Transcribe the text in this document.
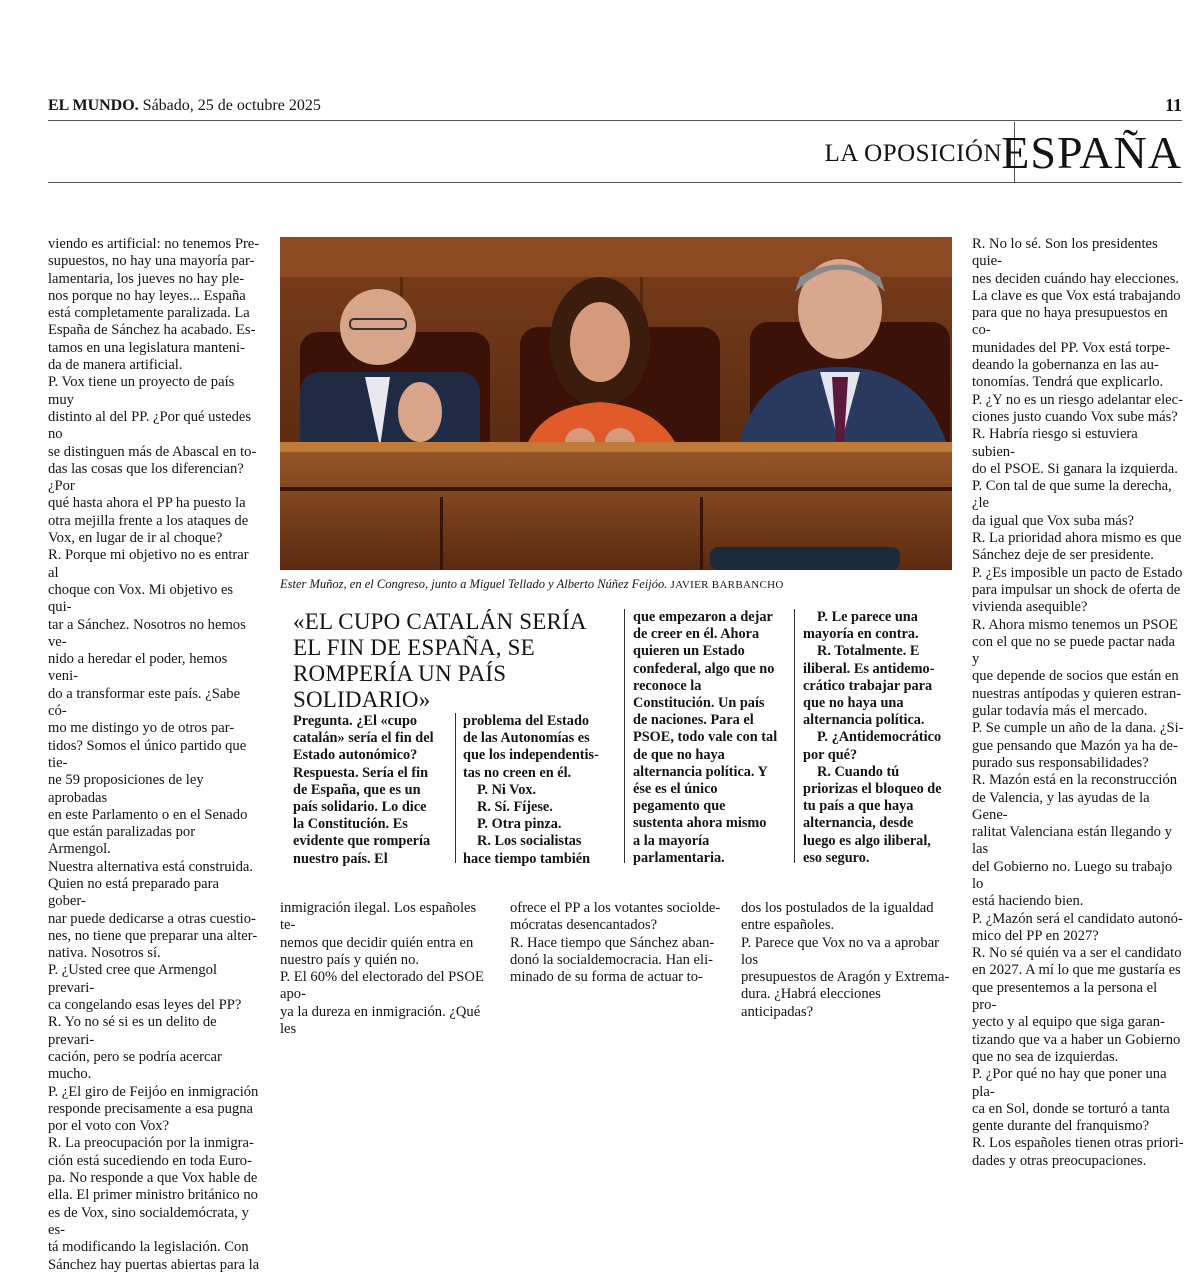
EL MUNDO. Sábado, 25 de octubre 2025	11
LA OPOSICIÓN ESPAÑA

viendo es artificial: no tenemos Pre-

supuestos, no hay una mayoría par-

lamentaria, los jueves no hay ple-

nos porque no hay leyes... España

está completamente paralizada. La

España de Sánchez ha acabado. Es-

tamos en una legislatura manteni-

da de manera artificial.

P. Vox tiene un proyecto de país muy

distinto al del PP. ¿Por qué ustedes no

se distinguen más de Abascal en to-

das las cosas que los diferencian? ¿Por

qué hasta ahora el PP ha puesto la

otra mejilla frente a los ataques de

Vox, en lugar de ir al choque?

R. Porque mi objetivo no es entrar al

choque con Vox. Mi objetivo es qui-

tar a Sánchez. Nosotros no hemos ve-

nido a heredar el poder, hemos veni-

do a transformar este país. ¿Sabe có-

mo me distingo yo de otros par-

tidos? Somos el único partido que tie-

ne 59 proposiciones de ley aprobadas

en este Parlamento o en el Senado

que están paralizadas por Armengol.

Nuestra alternativa está construida.

Quien no está preparado para gober-

nar puede dedicarse a otras cuestio-

nes, no tiene que preparar una alter-

nativa. Nosotros sí.

P. ¿Usted cree que Armengol prevari-

ca congelando esas leyes del PP?

R. Yo no sé si es un delito de prevari-

cación, pero se podría acercar mucho.

P. ¿El giro de Feijóo en inmigración

responde precisamente a esa pugna

por el voto con Vox?

R. La preocupación por la inmigra-

ción está sucediendo en toda Euro-

pa. No responde a que Vox hable de

ella. El primer ministro británico no

es de Vox, sino socialdemócrata, y es-

tá modificando la legislación. Con

Sánchez hay puertas abiertas para la

R. No lo sé. Son los presidentes quie-

nes deciden cuándo hay elecciones.

La clave es que Vox está trabajando

para que no haya presupuestos en co-

munidades del PP. Vox está torpe-

deando la gobernanza en las au-

tonomías. Tendrá que explicarlo.

P. ¿Y no es un riesgo adelantar elec-

ciones justo cuando Vox sube más?

R. Habría riesgo si estuviera subien-

do el PSOE. Si ganara la izquierda.

P. Con tal de que sume la derecha, ¿le

da igual que Vox suba más?

R. La prioridad ahora mismo es que

Sánchez deje de ser presidente.

P. ¿Es imposible un pacto de Estado

para impulsar un shock de oferta de

vivienda asequible?

R. Ahora mismo tenemos un PSOE

con el que no se puede pactar nada y

que depende de socios que están en

nuestras antípodas y quieren estran-

gular todavía más el mercado.

P. Se cumple un año de la dana. ¿Si-

gue pensando que Mazón ya ha de-

purado sus responsabilidades?

R. Mazón está en la reconstrucción

de Valencia, y las ayudas de la Gene-

ralitat Valenciana están llegando y las

del Gobierno no. Luego su trabajo lo

está haciendo bien.

P. ¿Mazón será el candidato autonó-

mico del PP en 2027?

R. No sé quién va a ser el candidato

en 2027. A mí lo que me gustaría es

que presentemos a la persona el pro-

yecto y al equipo que siga garan-

tizando que va a haber un Gobierno

que no sea de izquierdas.

P. ¿Por qué no hay que poner una pla-

ca en Sol, donde se torturó a tanta

gente durante del franquismo?

R. Los españoles tienen otras priori-

dades y otras preocupaciones.

Ester Muñoz, en el Congreso, junto a Miguel Tellado y Alberto Núñez Feijóo. JAVIER BARBANCHO
«EL CUPO CATALÁN SERÍA EL FIN DE ESPAÑA, SE ROMPERÍA UN PAÍS SOLIDARIO»

Pregunta. ¿El «cupo

catalán» sería el fin del

Estado autonómico?

Respuesta. Sería el fin

de España, que es un

país solidario. Lo dice

la Constitución. Es

evidente que rompería

nuestro país. El

problema del Estado

de las Autonomías es

que los independentis-

tas no creen en él.

P. Ni Vox.

R. Sí. Fíjese.

P. Otra pinza.

R. Los socialistas

hace tiempo también

que empezaron a dejar

de creer en él. Ahora

quieren un Estado

confederal, algo que no

reconoce la

Constitución. Un país

de naciones. Para el

PSOE, todo vale con tal

de que no haya

alternancia política. Y

ése es el único

pegamento que

sustenta ahora mismo

a la mayoría

parlamentaria.

P. Le parece una

mayoría en contra.

R. Totalmente. E

iliberal. Es antidemo-

crático trabajar para

que no haya una

alternancia política.

P. ¿Antidemocrático

por qué?

R. Cuando tú

priorizas el bloqueo de

tu país a que haya

alternancia, desde

luego es algo iliberal,

eso seguro.

inmigración ilegal. Los españoles te-

nemos que decidir quién entra en

nuestro país y quién no.

P. El 60% del electorado del PSOE apo-

ya la dureza en inmigración. ¿Qué les

ofrece el PP a los votantes sociolde-

mócratas desencantados?

R. Hace tiempo que Sánchez aban-

donó la socialdemocracia. Han eli-

minado de su forma de actuar to-

dos los postulados de la igualdad

entre españoles.

P. Parece que Vox no va a aprobar los

presupuestos de Aragón y Extrema-

dura. ¿Habrá elecciones anticipadas?
